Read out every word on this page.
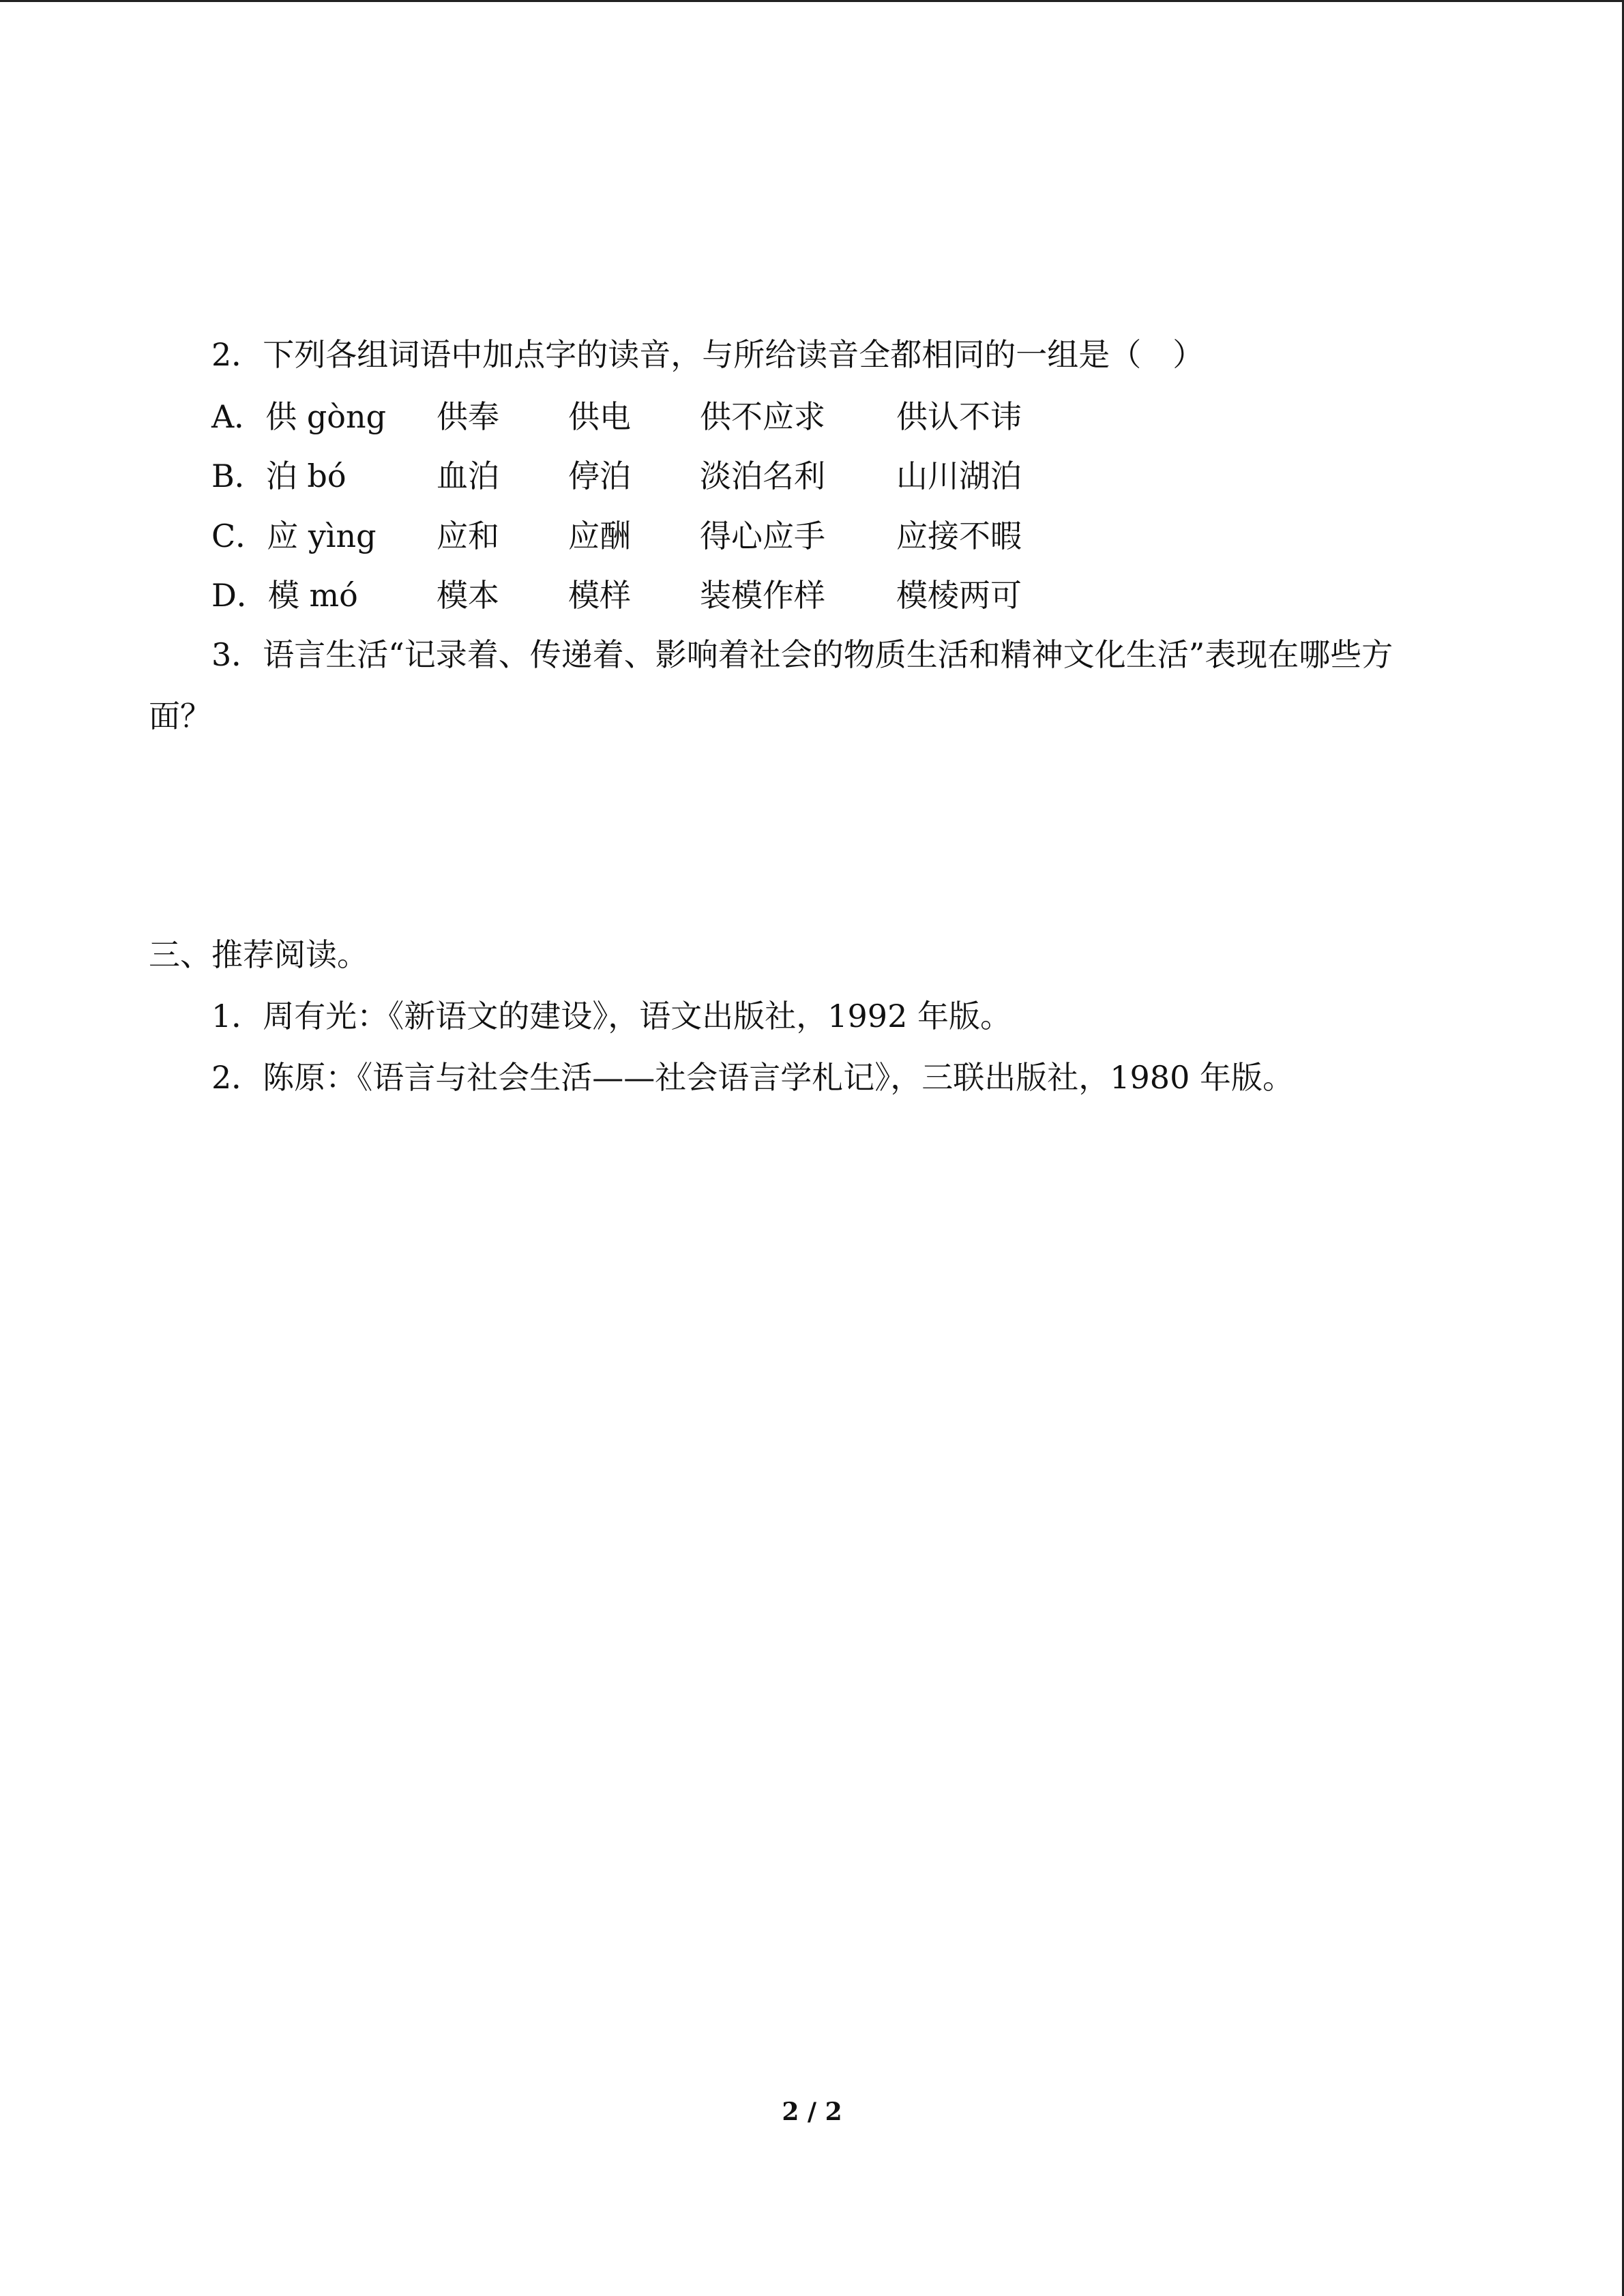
2．下列各组词语中加点字的读音，与所给读音全都相同的一组是（　）
A．供 gòng	供奉	供电	供不应求	供认不讳
B．泊 bó	血泊	停泊	淡泊名利	山川湖泊
C．应 yìng	应和	应酬	得心应手	应接不暇
D．模 mó	模本	模样	装模作样	模棱两可
3．语言生活“记录着、传递着、影响着社会的物质生活和精神文化生活”表现在哪些方
面？
三、推荐阅读。
1．周有光：《新语文的建设》，语文出版社，1992 年版。
2．陈原：《语言与社会生活——社会语言学札记》，三联出版社，1980 年版。
2 / 2
